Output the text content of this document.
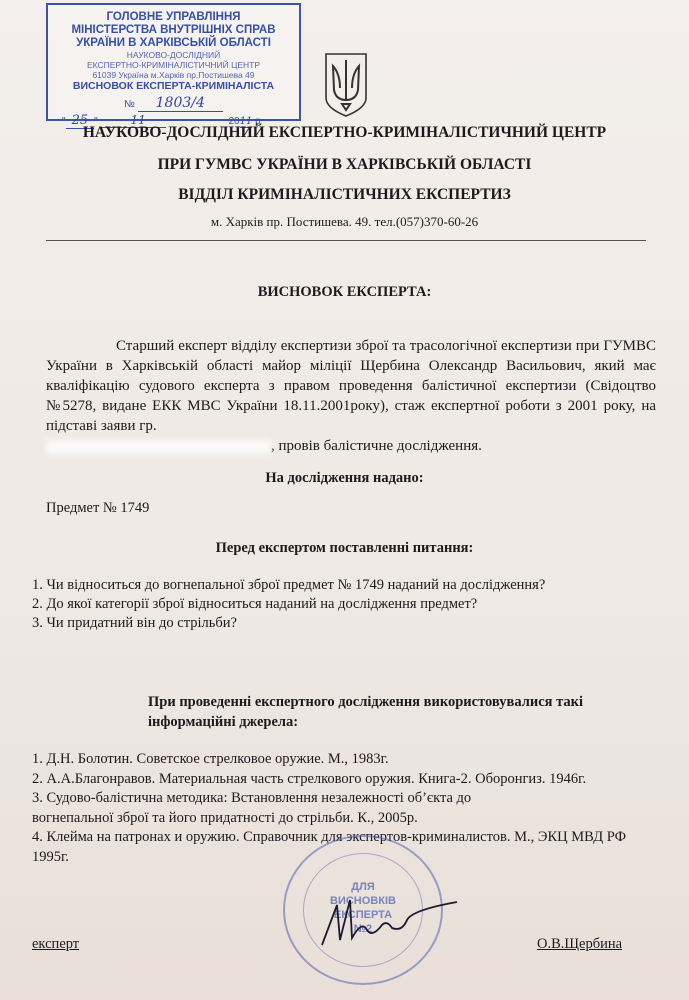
ГОЛОВНЕ УПРАВЛІННЯ
МІНІСТЕРСТВА ВНУТРІШНІХ СПРАВ
УКРАЇНИ В ХАРКІВСЬКІЙ ОБЛАСТІ
НАУКОВО-ДОСЛІДНИЙ
ЕКСПЕРТНО-КРИМІНАЛІСТИЧНИЙ ЦЕНТР
61039 Україна м.Харків пр.Постишева 49
ВИСНОВОК ЕКСПЕРТА-КРИМІНАЛІСТА
№ 1803/4
" 25 "	11	2011 р
НАУКОВО-ДОСЛІДНИЙ ЕКСПЕРТНО-КРИМІНАЛІСТИЧНИЙ ЦЕНТР
ПРИ ГУМВС УКРАЇНИ В ХАРКІВСЬКІЙ ОБЛАСТІ
ВІДДІЛ КРИМІНАЛІСТИЧНИХ ЕКСПЕРТИЗ
м. Харків пр. Постишева. 49. тел.(057)370-60-26
ВИСНОВОК ЕКСПЕРТА:
Старший експерт відділу експертизи зброї та трасологічної експертизи при ГУМВС України в Харківській області майор міліції Щербина Олександр Васильович, який має кваліфікацію судового експерта з правом проведення балістичної експертизи (Свідоцтво №5278, видане ЕКК МВС України 18.11.2001року), стаж експертної роботи з 2001 року, на підставі заяви гр.
, провів балістичне дослідження.
На дослідження надано:
Предмет № 1749
Перед експертом поставленні питання:
1. Чи відноситься до вогнепальної зброї предмет № 1749 наданий на дослідження?
2. До якої категорії зброї відноситься наданий на дослідження предмет?
3. Чи придатний він до стрільби?
При проведенні експертного дослідження використовувалися такі інформаційні джерела:
1. Д.Н. Болотин. Советское стрелковое оружие. М., 1983г.
2. А.А.Благонравов. Материальная часть стрелкового оружия. Книга-2. Оборонгиз. 1946г.
3. Судово-балістична методика: Встановлення незалежності об’єкта до вогнепальної зброї та його придатності до стрільби. К., 2005р.
4. Клейма на патронах и оружию. Справочник для экспертов-криминалистов. М., ЭКЦ МВД РФ 1995г.
ДЛЯ
ВИСНОВКІВ
ЕКСПЕРТА
№2
експерт	О.В.Щербина
